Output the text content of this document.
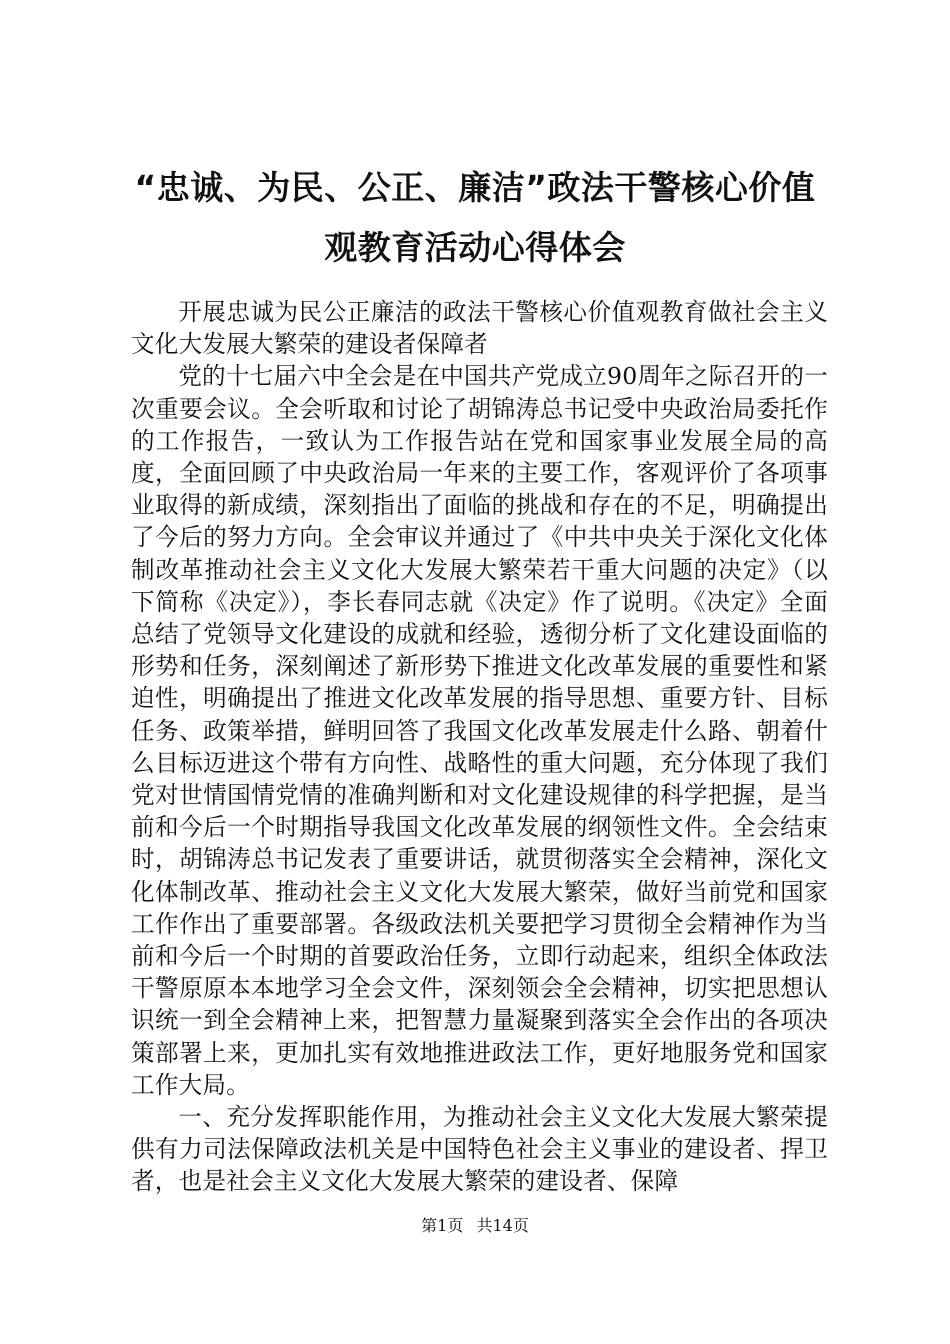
“忠诚、为民、公正、廉洁”政法干警核心价值观教育活动心得体会

开展忠诚为民公正廉洁的政法干警核心价值观教育做社会主义文化大发展大繁荣的建设者保障者

党的十七届六中全会是在中国共产党成立90周年之际召开的一次重要会议。全会听取和讨论了胡锦涛总书记受中央政治局委托作的工作报告，一致认为工作报告站在党和国家事业发展全局的高度，全面回顾了中央政治局一年来的主要工作，客观评价了各项事业取得的新成绩，深刻指出了面临的挑战和存在的不足，明确提出了今后的努力方向。全会审议并通过了《中共中央关于深化文化体制改革推动社会主义文化大发展大繁荣若干重大问题的决定》（以下简称《决定》），李长春同志就《决定》作了说明。《决定》全面总结了党领导文化建设的成就和经验，透彻分析了文化建设面临的形势和任务，深刻阐述了新形势下推进文化改革发展的重要性和紧迫性，明确提出了推进文化改革发展的指导思想、重要方针、目标任务、政策举措，鲜明回答了我国文化改革发展走什么路、朝着什么目标迈进这个带有方向性、战略性的重大问题，充分体现了我们党对世情国情党情的准确判断和对文化建设规律的科学把握，是当前和今后一个时期指导我国文化改革发展的纲领性文件。全会结束时，胡锦涛总书记发表了重要讲话，就贯彻落实全会精神，深化文化体制改革、推动社会主义文化大发展大繁荣，做好当前党和国家工作作出了重要部署。各级政法机关要把学习贯彻全会精神作为当前和今后一个时期的首要政治任务，立即行动起来，组织全体政法干警原原本本地学习全会文件，深刻领会全会精神，切实把思想认识统一到全会精神上来，把智慧力量凝聚到落实全会作出的各项决策部署上来，更加扎实有效地推进政法工作，更好地服务党和国家工作大局。

一、充分发挥职能作用，为推动社会主义文化大发展大繁荣提供有力司法保障政法机关是中国特色社会主义事业的建设者、捍卫者，也是社会主义文化大发展大繁荣的建设者、保障

第1页 共14页
